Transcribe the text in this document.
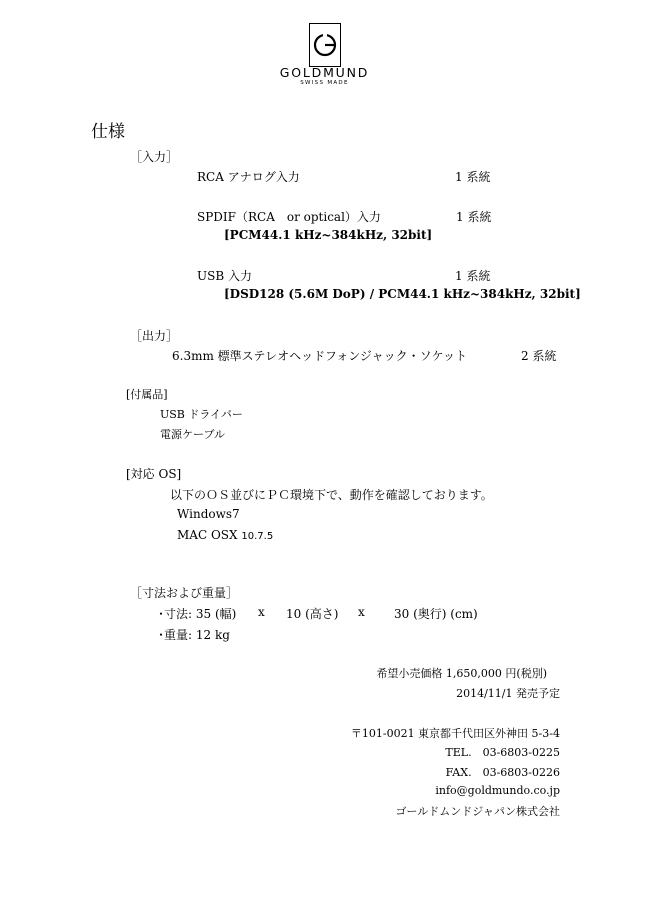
GOLDMUND
SWISS MADE
仕様
［入力］
RCA アナログ入力	1 系統
SPDIF（RCA　or optical）入力	1 系統
[PCM44.1 kHz~384kHz, 32bit]
USB 入力	1 系統
[DSD128 (5.6M DoP) / PCM44.1 kHz~384kHz, 32bit]
［出力］
6.3mm 標準ステレオヘッドフォンジャック・ソケット	2 系統
[付属品]
USB ドライバー
電源ケーブル
[対応 OS]
以下のＯＳ並びにＰＣ環境下で、動作を確認しております。
Windows7
MAC OSX 10.7.5
［寸法および重量］
･寸法: 35 (幅) x 10 (高さ) x 30 (奥行) (cm)
･重量: 12 kg
希望小売価格 1,650,000 円(税別)
2014/11/1 発売予定
〒101-0021 東京都千代田区外神田 5-3-4
TEL.　03-6803-0225
FAX.　03-6803-0226
info@goldmundo.co.jp
ゴールドムンドジャパン株式会社
